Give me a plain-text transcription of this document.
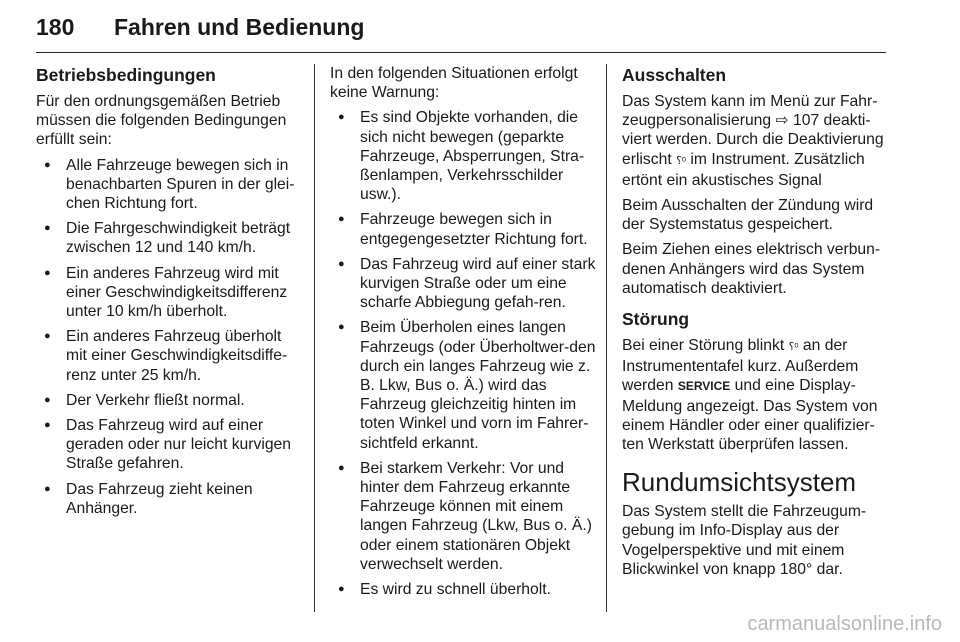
180 Fahren und Bedienung
Betriebsbedingungen

Für den ordnungsgemäßen Betrieb müssen die folgenden Bedingungen erfüllt sein:

● Alle Fahrzeuge bewegen sich in benachbarten Spuren in der glei-chen Richtung fort.
● Die Fahrgeschwindigkeit beträgt zwischen 12 und 140 km/h.
● Ein anderes Fahrzeug wird mit einer Geschwindigkeitsdifferenz unter 10 km/h überholt.
● Ein anderes Fahrzeug überholt mit einer Geschwindigkeitsdiffe-renz unter 25 km/h.
● Der Verkehr fließt normal.
● Das Fahrzeug wird auf einer geraden oder nur leicht kurvigen Straße gefahren.
● Das Fahrzeug zieht keinen Anhänger.

In den folgenden Situationen erfolgt keine Warnung:

● Es sind Objekte vorhanden, die sich nicht bewegen (geparkte Fahrzeuge, Absperrungen, Stra-ßenlampen, Verkehrsschilder usw.).
● Fahrzeuge bewegen sich in entgegengesetzter Richtung fort.
● Das Fahrzeug wird auf einer stark kurvigen Straße oder um eine scharfe Abbiegung gefah-ren.
● Beim Überholen eines langen Fahrzeugs (oder Überholtwer-den durch ein langes Fahrzeug wie z. B. Lkw, Bus o. Ä.) wird das Fahrzeug gleichzeitig hinten im toten Winkel und vorn im Fahrer-sichtfeld erkannt.
● Bei starkem Verkehr: Vor und hinter dem Fahrzeug erkannte Fahrzeuge können mit einem langen Fahrzeug (Lkw, Bus o. Ä.) oder einem stationären Objekt verwechselt werden.
● Es wird zu schnell überholt.
Ausschalten

Das System kann im Menü zur Fahr-zeugpersonalisierung ⇨ 107 deakti-viert werden. Durch die Deaktivierung erlischt ⸮ᵒ im Instrument. Zusätzlich ertönt ein akustisches Signal

Beim Ausschalten der Zündung wird der Systemstatus gespeichert.

Beim Ziehen eines elektrisch verbun-denen Anhängers wird das System automatisch deaktiviert.

Störung

Bei einer Störung blinkt ⸮ᵒ an der Instrumententafel kurz. Außerdem werden SERVICE und eine Display-Meldung angezeigt. Das System von einem Händler oder einer qualifizier-ten Werkstatt überprüfen lassen.

Rundumsichtsystem

Das System stellt die Fahrzeugum-gebung im Info-Display aus der Vogelperspektive und mit einem Blickwinkel von knapp 180° dar.

carmanualsonline.info
